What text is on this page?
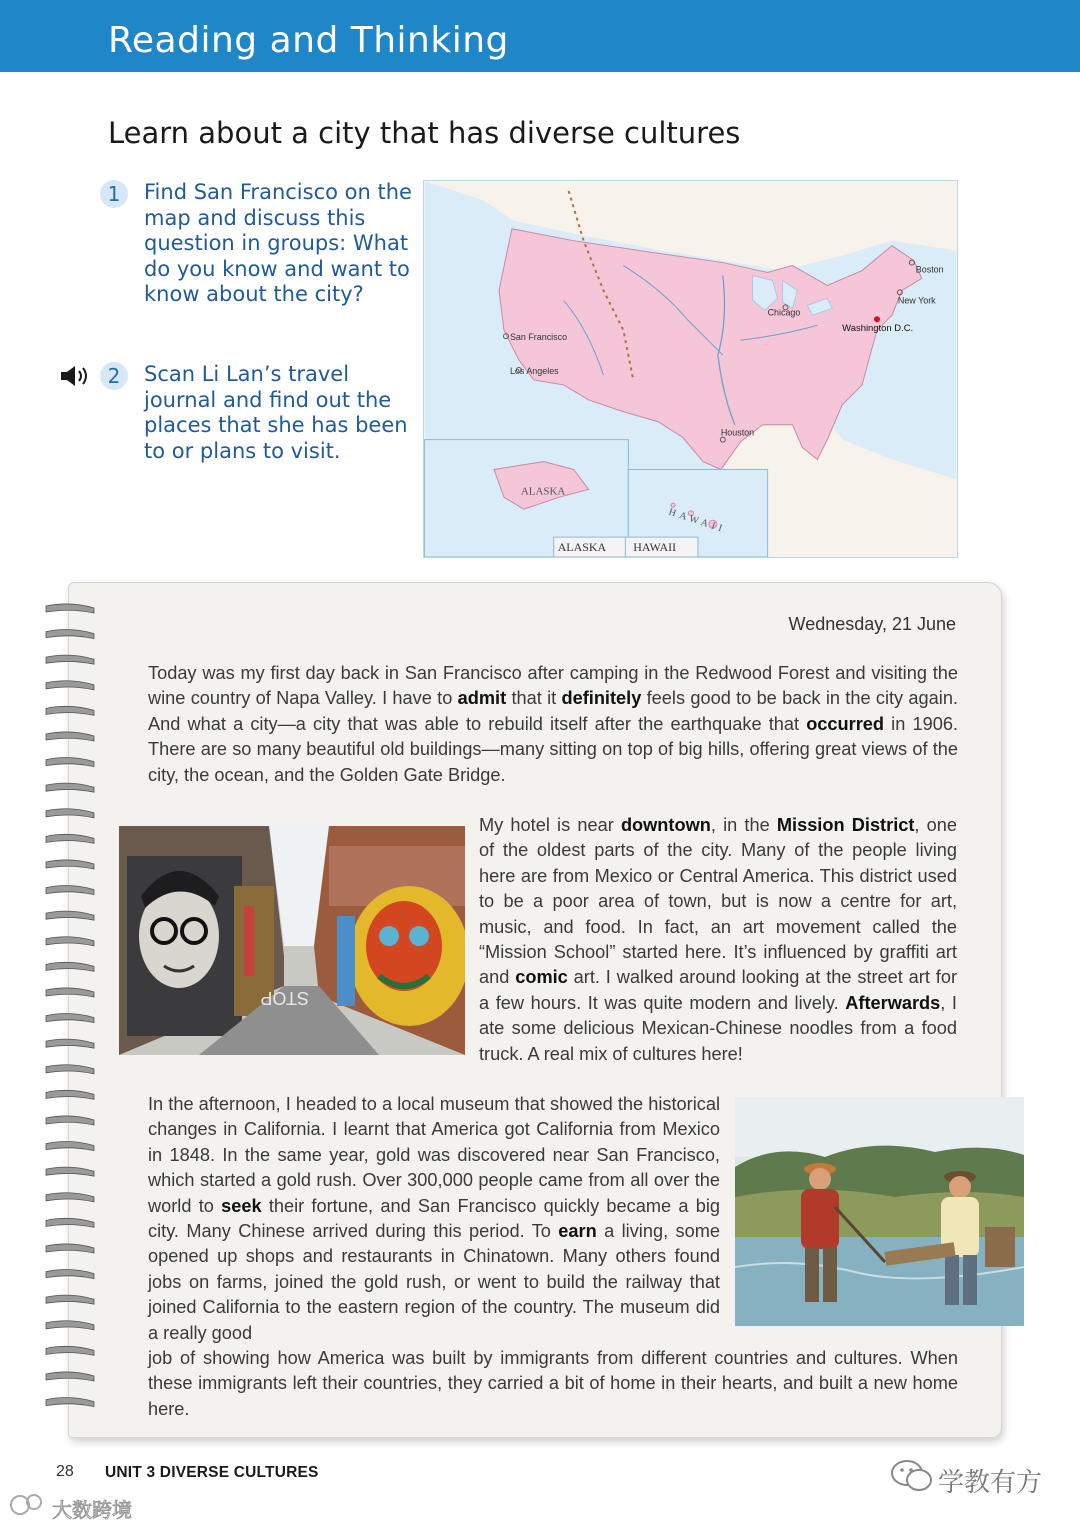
Reading and Thinking
Learn about a city that has diverse cultures
1	Find San Francisco on the map and discuss this question in groups: What do you know and want to know about the city?
2	Scan Li Lan’s travel journal and find out the places that she has been to or plans to visit.
Boston
New York
Chicago
Washington D.C.
San Francisco
Los Angeles
Houston
ALASKA
HAWAII
ALASKA HAWAII
Wednesday, 21 June
Today was my first day back in San Francisco after camping in the Redwood Forest and visiting the wine country of Napa Valley. I have to admit that it definitely feels good to be back in the city again. And what a city—a city that was able to rebuild itself after the earthquake that occurred in 1906. There are so many beautiful old buildings—many sitting on top of big hills, offering great views of the city, the ocean, and the Golden Gate Bridge.
STOP
My hotel is near downtown, in the Mission District, one of the oldest parts of the city. Many of the people living here are from Mexico or Central America. This district used to be a poor area of town, but is now a centre for art, music, and food. In fact, an art movement called the “Mission School” started here. It’s influenced by graffiti art and comic art. I walked around looking at the street art for a few hours. It was quite modern and lively. Afterwards, I ate some delicious Mexican-Chinese noodles from a food truck. A real mix of cultures here!
In the afternoon, I headed to a local museum that showed the historical changes in California. I learnt that America got California from Mexico in 1848. In the same year, gold was discovered near San Francisco, which started a gold rush. Over 300,000 people came from all over the world to seek their fortune, and San Francisco quickly became a big city. Many Chinese arrived during this period. To earn a living, some opened up shops and restaurants in Chinatown. Many others found jobs on farms, joined the gold rush, or went to build the railway that joined California to the eastern region of the country. The museum did a really good
job of showing how America was built by immigrants from different countries and cultures. When these immigrants left their countries, they carried a bit of home in their hearts, and built a new home here.
28 UNIT 3 DIVERSE CULTURES	学教有方
大数跨境
